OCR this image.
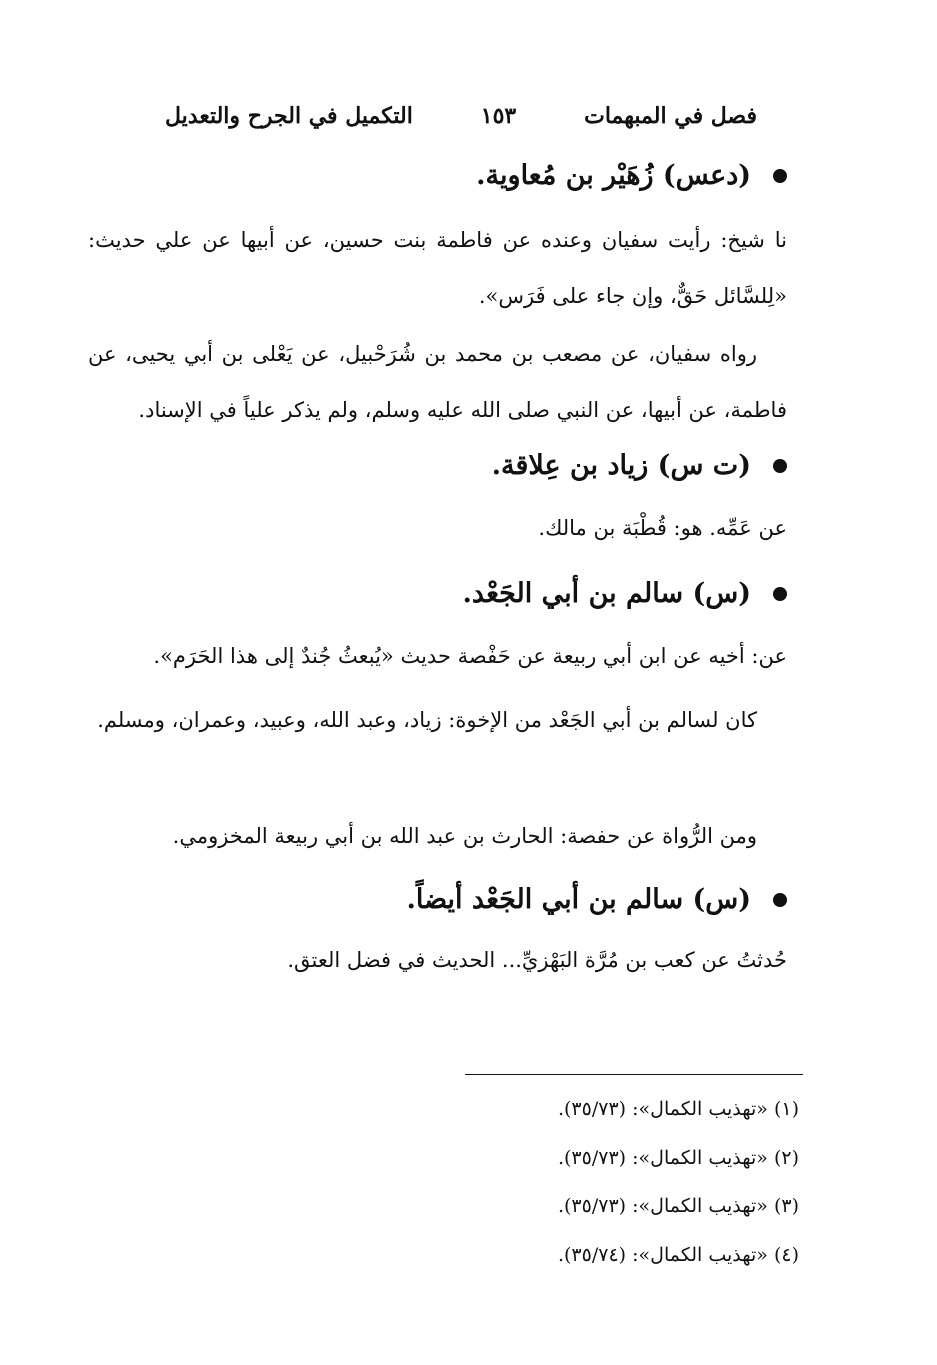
فصل في المبهمات
١٥٣
التكميل في الجرح والتعديل
(دعس) زُهَيْر بن مُعاوية.
نا شيخ: رأيت سفيان وعنده عن فاطمة بنت حسين، عن أبيها عن علي حديث: «لِلسَّائل حَقٌّ، وإن جاء على فَرَس».
رواه سفيان، عن مصعب بن محمد بن شُرَحْبيل، عن يَعْلى بن أبي يحيى، عن فاطمة، عن أبيها، عن النبي صلى الله عليه وسلم، ولم يذكر علياً في الإسناد.
(ت س) زياد بن عِلاقة.
عن عَمِّه. هو: قُطْبَة بن مالك.
(س) سالم بن أبي الجَعْد.
عن: أخيه عن ابن أبي ربيعة عن حَفْصة حديث «يُبعثُ جُندٌ إلى هذا الحَرَم».
كان لسالم بن أبي الجَعْد من الإخوة: زياد، وعبد الله، وعبيد، وعمران، ومسلم.
ومن الرُّواة عن حفصة: الحارث بن عبد الله بن أبي ربيعة المخزومي.
(س) سالم بن أبي الجَعْد أيضاً.
حُدثتُ عن كعب بن مُرَّة البَهْزيِّ... الحديث في فضل العتق.
(١) «تهذيب الكمال»: (٣٥/٧٣).
(٢) «تهذيب الكمال»: (٣٥/٧٣).
(٣) «تهذيب الكمال»: (٣٥/٧٣).
(٤) «تهذيب الكمال»: (٣٥/٧٤).
